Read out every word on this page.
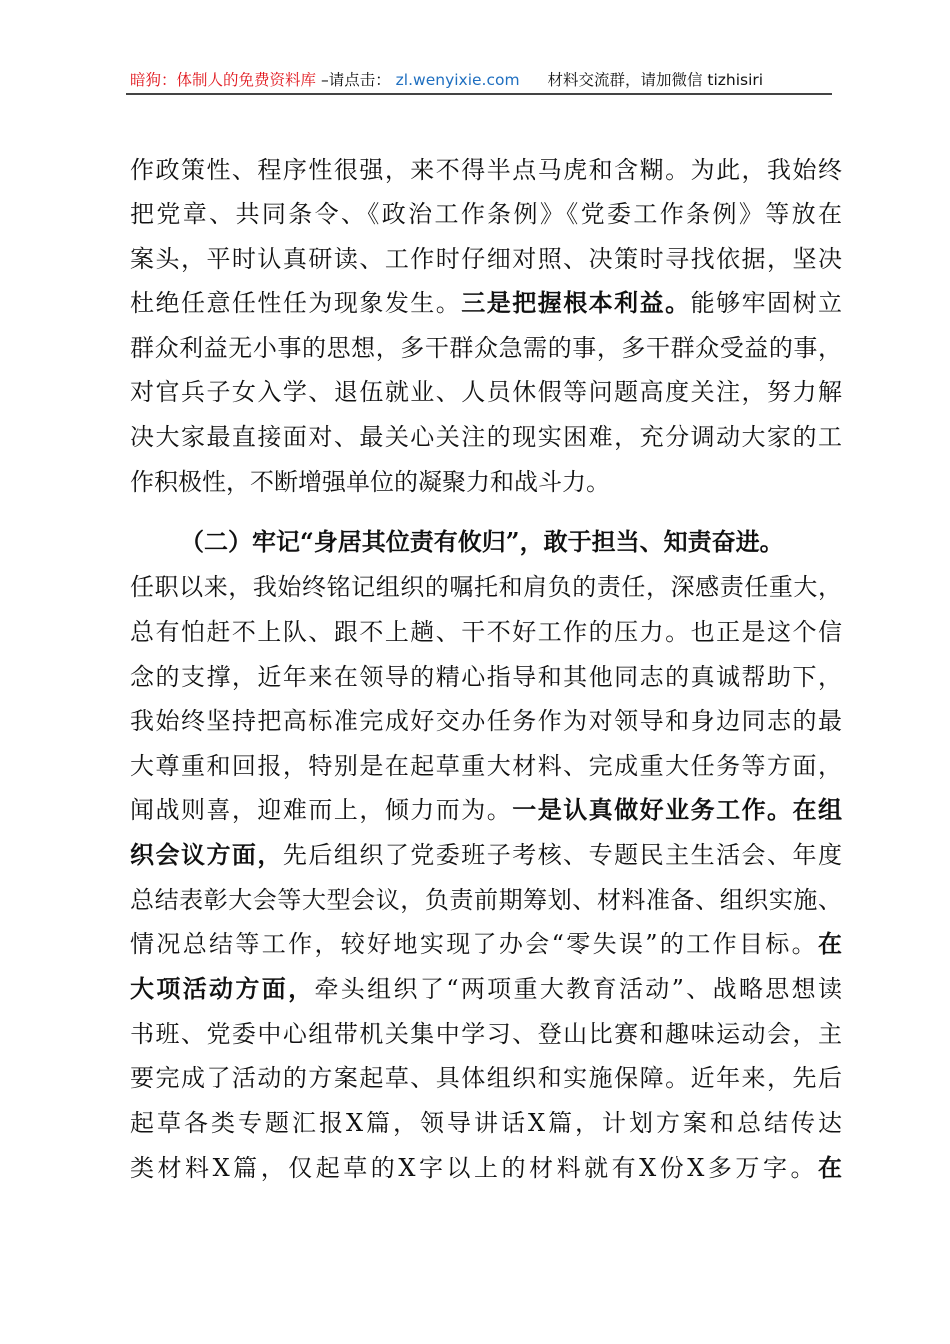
暗狗：体制人的免费资料库 –请点击： zl.wenyixie.com 材料交流群，请加微信 tizhisiri
作政策性、程序性很强，来不得半点马虎和含糊。为此，我始终
把党章、共同条令、《政治工作条例》《党委工作条例》等放在
案头，平时认真研读、工作时仔细对照、决策时寻找依据，坚决
杜绝任意任性任为现象发生。三是把握根本利益。能够牢固树立
群众利益无小事的思想，多干群众急需的事，多干群众受益的事，
对官兵子女入学、退伍就业、人员休假等问题高度关注，努力解
决大家最直接面对、最关心关注的现实困难，充分调动大家的工
作积极性，不断增强单位的凝聚力和战斗力。
（二）牢记“身居其位责有攸归”，敢于担当、知责奋进。
任职以来，我始终铭记组织的嘱托和肩负的责任，深感责任重大，
总有怕赶不上队、跟不上趟、干不好工作的压力。也正是这个信
念的支撑，近年来在领导的精心指导和其他同志的真诚帮助下，
我始终坚持把高标准完成好交办任务作为对领导和身边同志的最
大尊重和回报，特别是在起草重大材料、完成重大任务等方面，
闻战则喜，迎难而上，倾力而为。一是认真做好业务工作。在组
织会议方面，先后组织了党委班子考核、专题民主生活会、年度
总结表彰大会等大型会议，负责前期筹划、材料准备、组织实施、
情况总结等工作，较好地实现了办会“零失误”的工作目标。在
大项活动方面，牵头组织了“两项重大教育活动”、战略思想读
书班、党委中心组带机关集中学习、登山比赛和趣味运动会，主
要完成了活动的方案起草、具体组织和实施保障。近年来，先后
起草各类专题汇报X篇，领导讲话X篇，计划方案和总结传达
类材料X篇，仅起草的X字以上的材料就有X份X多万字。在
